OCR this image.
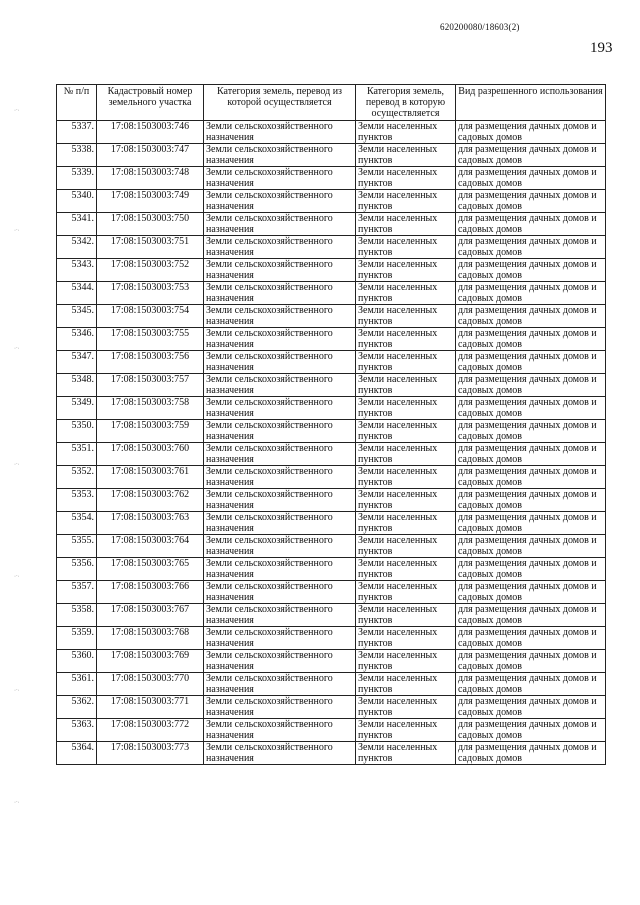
620200080/18603(2)
193
·ˑ·
·ˑ·
·ˑ·
·ˑ·
·ˑ·
·ˑ·
·ˑ·
№ п/п	Кадастровый номер земельного участка	Категория земель, перевод из которой осуществляется	Категория земель, перевод в которую осуществляется	Вид разрешенного использования
5337.	17:08:1503003:746	Земли сельскохозяйственного назначения	Земли населенных пунктов	для размещения дачных домов и садовых домов
5338.	17:08:1503003:747	Земли сельскохозяйственного назначения	Земли населенных пунктов	для размещения дачных домов и садовых домов
5339.	17:08:1503003:748	Земли сельскохозяйственного назначения	Земли населенных пунктов	для размещения дачных домов и садовых домов
5340.	17:08:1503003:749	Земли сельскохозяйственного назначения	Земли населенных пунктов	для размещения дачных домов и садовых домов
5341.	17:08:1503003:750	Земли сельскохозяйственного назначения	Земли населенных пунктов	для размещения дачных домов и садовых домов
5342.	17:08:1503003:751	Земли сельскохозяйственного назначения	Земли населенных пунктов	для размещения дачных домов и садовых домов
5343.	17:08:1503003:752	Земли сельскохозяйственного назначения	Земли населенных пунктов	для размещения дачных домов и садовых домов
5344.	17:08:1503003:753	Земли сельскохозяйственного назначения	Земли населенных пунктов	для размещения дачных домов и садовых домов
5345.	17:08:1503003:754	Земли сельскохозяйственного назначения	Земли населенных пунктов	для размещения дачных домов и садовых домов
5346.	17:08:1503003:755	Земли сельскохозяйственного назначения	Земли населенных пунктов	для размещения дачных домов и садовых домов
5347.	17:08:1503003:756	Земли сельскохозяйственного назначения	Земли населенных пунктов	для размещения дачных домов и садовых домов
5348.	17:08:1503003:757	Земли сельскохозяйственного назначения	Земли населенных пунктов	для размещения дачных домов и садовых домов
5349.	17:08:1503003:758	Земли сельскохозяйственного назначения	Земли населенных пунктов	для размещения дачных домов и садовых домов
5350.	17:08:1503003:759	Земли сельскохозяйственного назначения	Земли населенных пунктов	для размещения дачных домов и садовых домов
5351.	17:08:1503003:760	Земли сельскохозяйственного назначения	Земли населенных пунктов	для размещения дачных домов и садовых домов
5352.	17:08:1503003:761	Земли сельскохозяйственного назначения	Земли населенных пунктов	для размещения дачных домов и садовых домов
5353.	17:08:1503003:762	Земли сельскохозяйственного назначения	Земли населенных пунктов	для размещения дачных домов и садовых домов
5354.	17:08:1503003:763	Земли сельскохозяйственного назначения	Земли населенных пунктов	для размещения дачных домов и садовых домов
5355.	17:08:1503003:764	Земли сельскохозяйственного назначения	Земли населенных пунктов	для размещения дачных домов и садовых домов
5356.	17:08:1503003:765	Земли сельскохозяйственного назначения	Земли населенных пунктов	для размещения дачных домов и садовых домов
5357.	17:08:1503003:766	Земли сельскохозяйственного назначения	Земли населенных пунктов	для размещения дачных домов и садовых домов
5358.	17:08:1503003:767	Земли сельскохозяйственного назначения	Земли населенных пунктов	для размещения дачных домов и садовых домов
5359.	17:08:1503003:768	Земли сельскохозяйственного назначения	Земли населенных пунктов	для размещения дачных домов и садовых домов
5360.	17:08:1503003:769	Земли сельскохозяйственного назначения	Земли населенных пунктов	для размещения дачных домов и садовых домов
5361.	17:08:1503003:770	Земли сельскохозяйственного назначения	Земли населенных пунктов	для размещения дачных домов и садовых домов
5362.	17:08:1503003:771	Земли сельскохозяйственного назначения	Земли населенных пунктов	для размещения дачных домов и садовых домов
5363.	17:08:1503003:772	Земли сельскохозяйственного назначения	Земли населенных пунктов	для размещения дачных домов и садовых домов
5364.	17:08:1503003:773	Земли сельскохозяйственного назначения	Земли населенных пунктов	для размещения дачных домов и садовых домов
